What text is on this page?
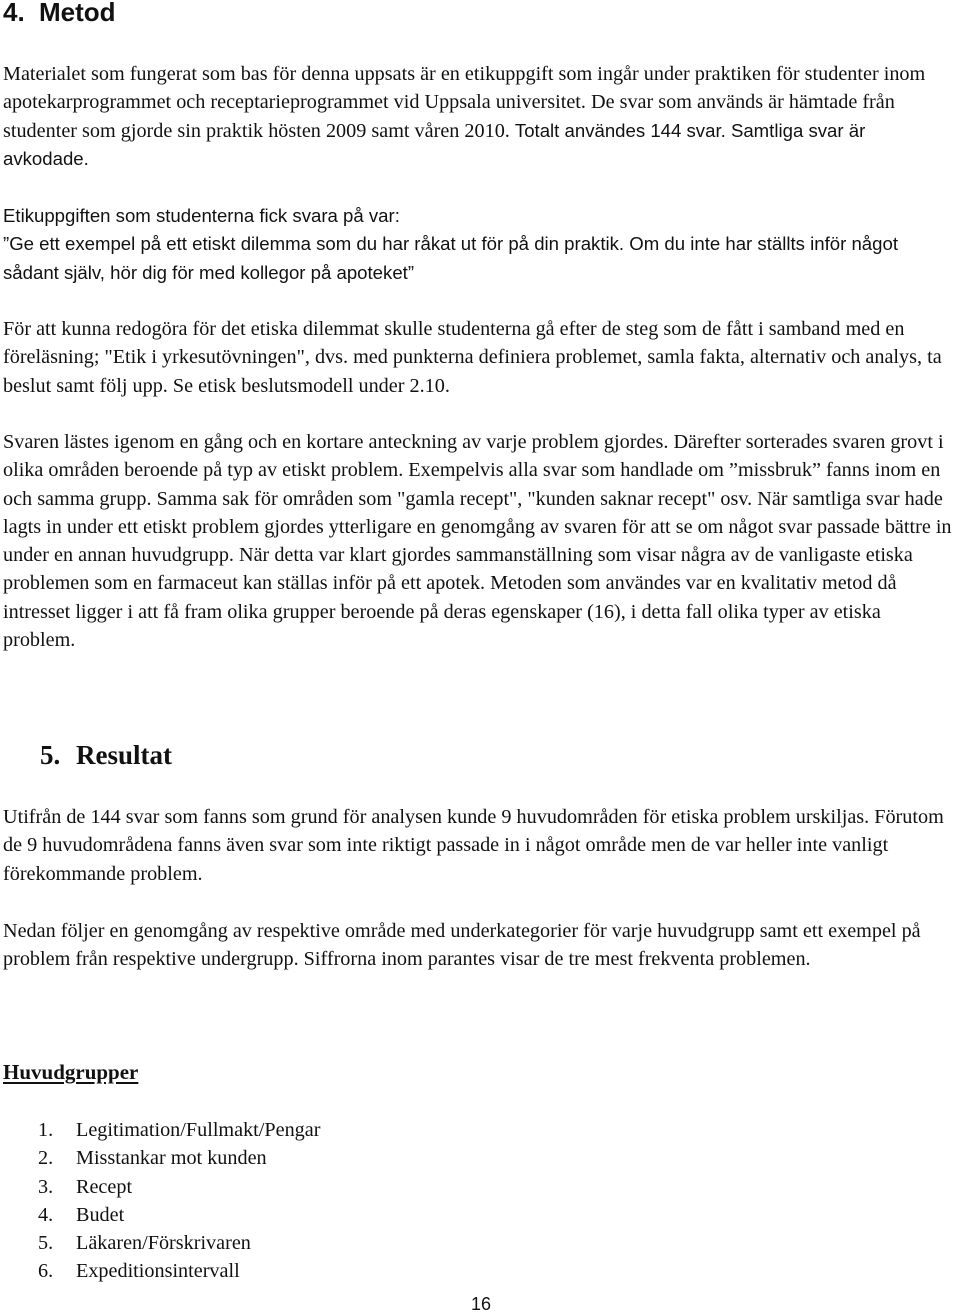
4. Metod

Materialet som fungerat som bas för denna uppsats är en etikuppgift som ingår under praktiken för studenter inom apotekarprogrammet och receptarieprogrammet vid Uppsala universitet. De svar som används är hämtade från studenter som gjorde sin praktik hösten 2009 samt våren 2010. Totalt användes 144 svar. Samtliga svar är avkodade.

Etikuppgiften som studenterna fick svara på var:
”Ge ett exempel på ett etiskt dilemma som du har råkat ut för på din praktik. Om du inte har ställts inför något sådant själv, hör dig för med kollegor på apoteket”

För att kunna redogöra för det etiska dilemmat skulle studenterna gå efter de steg som de fått i samband med en föreläsning; "Etik i yrkesutövningen", dvs. med punkterna definiera problemet, samla fakta, alternativ och analys, ta beslut samt följ upp. Se etisk beslutsmodell under 2.10.

Svaren lästes igenom en gång och en kortare anteckning av varje problem gjordes. Därefter sorterades svaren grovt i olika områden beroende på typ av etiskt problem. Exempelvis alla svar som handlade om ”missbruk” fanns inom en och samma grupp. Samma sak för områden som "gamla recept", "kunden saknar recept" osv. När samtliga svar hade lagts in under ett etiskt problem gjordes ytterligare en genomgång av svaren för att se om något svar passade bättre in under en annan huvudgrupp. När detta var klart gjordes sammanställning som visar några av de vanligaste etiska problemen som en farmaceut kan ställas inför på ett apotek. Metoden som användes var en kvalitativ metod då intresset ligger i att få fram olika grupper beroende på deras egenskaper (16), i detta fall olika typer av etiska problem.

5. Resultat

Utifrån de 144 svar som fanns som grund för analysen kunde 9 huvudområden för etiska problem urskiljas. Förutom de 9 huvudområdena fanns även svar som inte riktigt passade in i något område men de var heller inte vanligt förekommande problem.

Nedan följer en genomgång av respektive område med underkategorier för varje huvudgrupp samt ett exempel på problem från respektive undergrupp. Siffrorna inom parantes visar de tre mest frekventa problemen.

Huvudgrupper

1. Legitimation/Fullmakt/Pengar
2. Misstankar mot kunden
3. Recept
4. Budet
5. Läkaren/Förskrivaren
6. Expeditionsintervall

16
